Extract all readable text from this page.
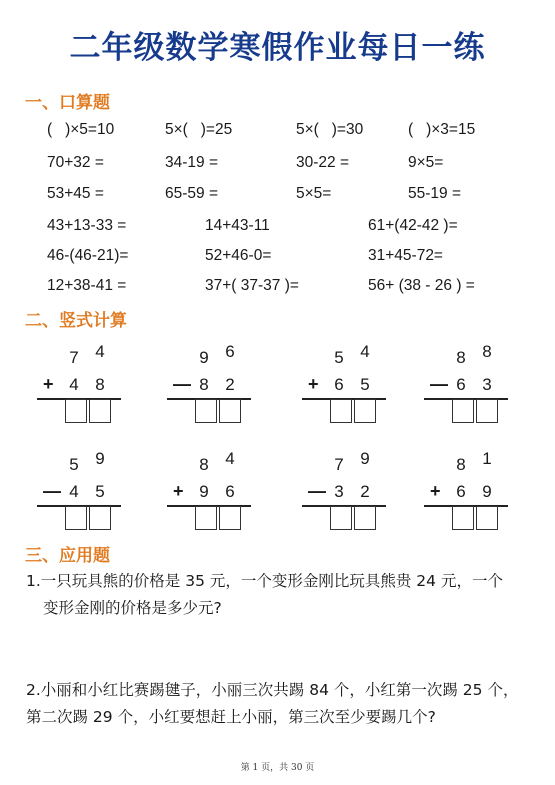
二年级数学寒假作业每日一练
一、口算题
(   )×5=10	5×(   )=25	5×(   )=30	(   )×3=15
70+32 =	34-19 =	30-22 =	9×5=
53+45 =	65-59 =	5×5=	55-19 =
43+13-33 =	14+43-11	61+(42-42 )=
46-(46-21)=	52+46-0=	31+45-72=
12+38-41 =	37+( 37-37 )=	56+ (38 - 26 ) =
二、竖式计算
7 4
+ 4 8
9 6
— 8 2
5 4
+ 6 5
8 8
— 6 3
5 9
— 4 5
8 4
+ 9 6
7 9
— 3 2
8 1
+ 6 9
三、应用题
1.一只玩具熊的价格是 35 元，一个变形金刚比玩具熊贵 24 元，一个
变形金刚的价格是多少元?
2.小丽和小红比赛踢毽子，小丽三次共踢 84 个，小红第一次踢 25 个，
第二次踢 29 个，小红要想赶上小丽，第三次至少要踢几个?
第 1 页，共 30 页
